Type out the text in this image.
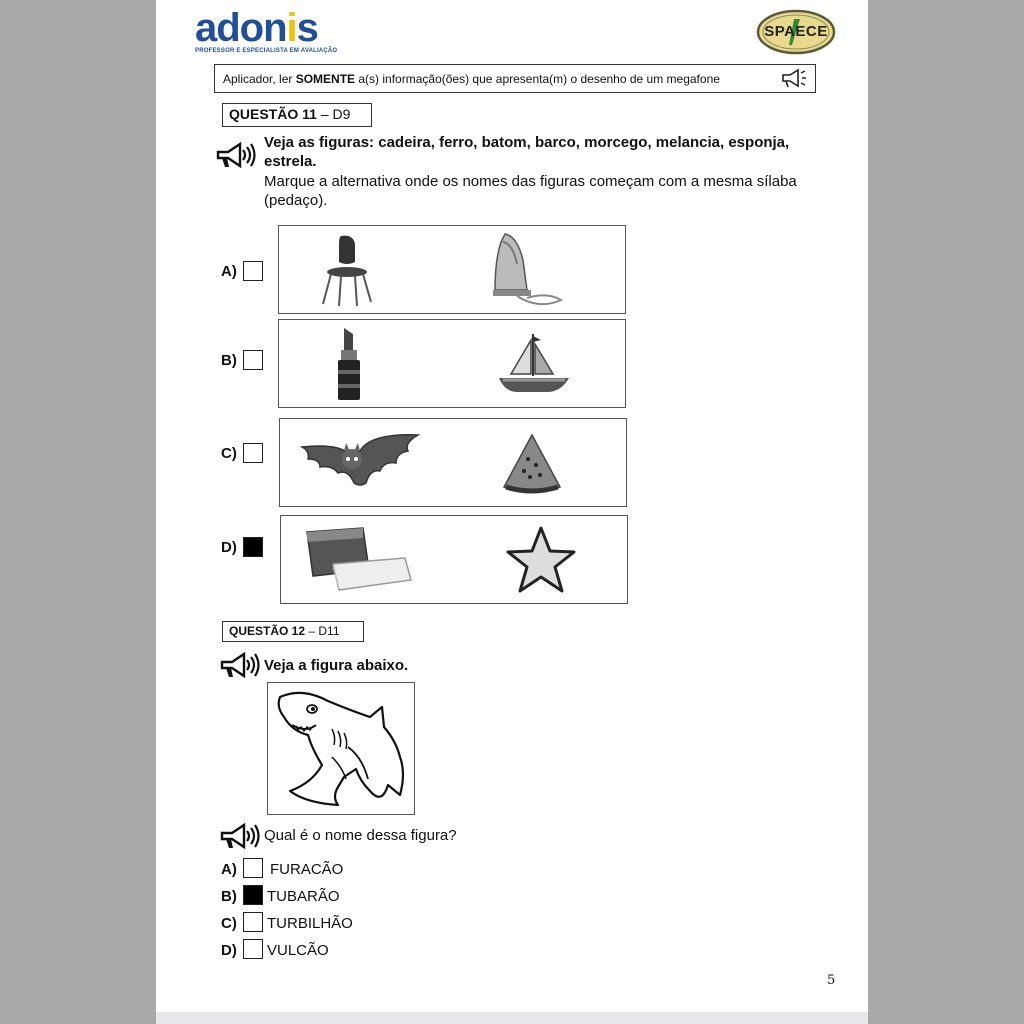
adonis
PROFESSOR E ESPECIALISTA EM AVALIAÇÃO
SPAECE
Aplicador, ler SOMENTE a(s) informação(ões) que apresenta(m) o desenho de um megafone
QUESTÃO 11 – D9
Veja as figuras: cadeira, ferro, batom, barco, morcego, melancia, esponja, estrela.
Marque a alternativa onde os nomes das figuras começam com a mesma sílaba (pedaço).
A)
B)
C)
D)
QUESTÃO 12 – D11
Veja a figura abaixo.
Qual é o nome dessa figura?
A) FURACÃO
B) TUBARÃO
C) TURBILHÃO
D) VULCÃO
5
